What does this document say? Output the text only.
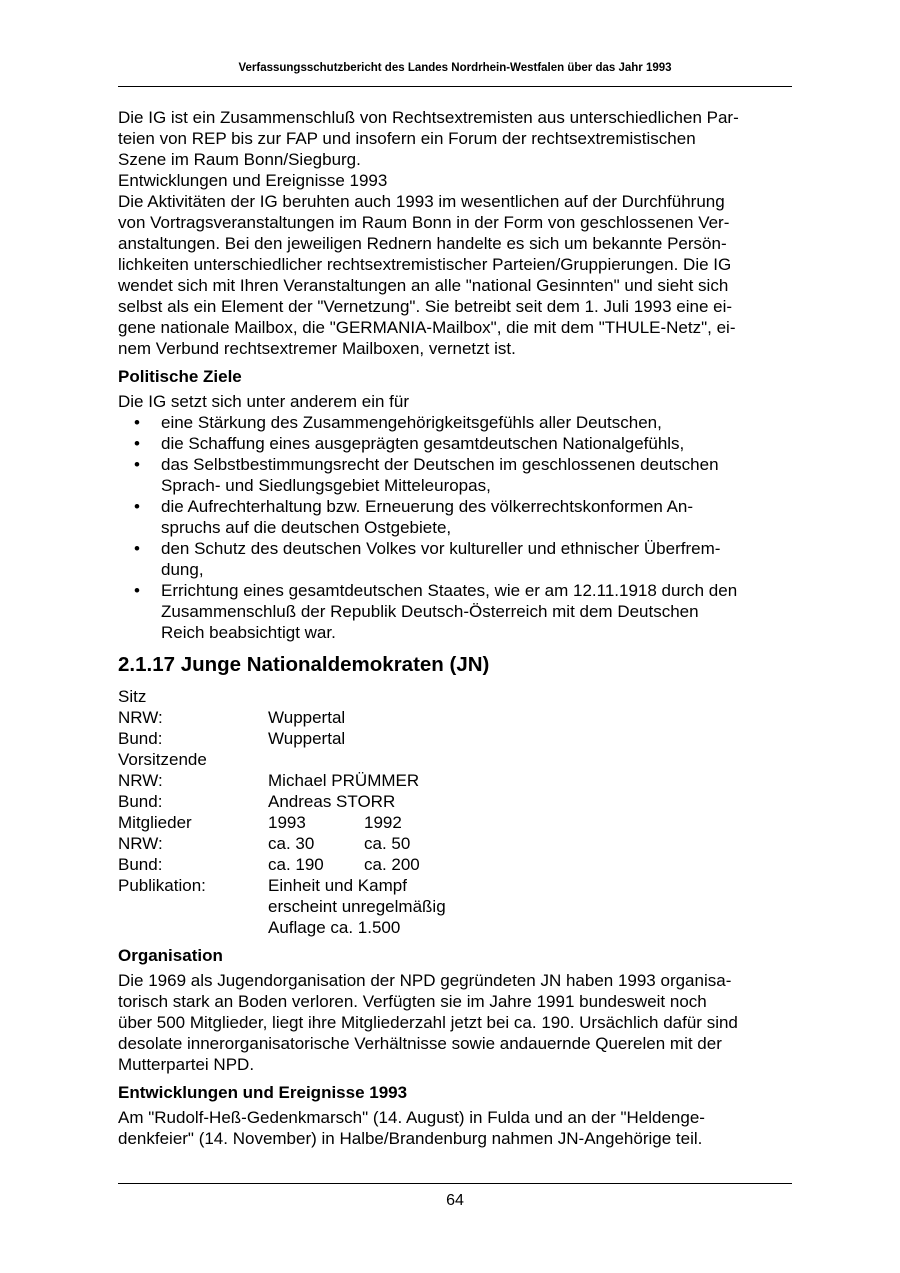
Verfassungsschutzbericht des Landes Nordrhein-Westfalen über das Jahr 1993

Die IG ist ein Zusammenschluß von Rechtsextremisten aus unterschiedlichen Par-

teien von REP bis zur FAP und insofern ein Forum der rechtsextremistischen

Szene im Raum Bonn/Siegburg.

Entwicklungen und Ereignisse 1993

Die Aktivitäten der IG beruhten auch 1993 im wesentlichen auf der Durchführung

von Vortragsveranstaltungen im Raum Bonn in der Form von geschlossenen Ver-

anstaltungen. Bei den jeweiligen Rednern handelte es sich um bekannte Persön-

lichkeiten unterschiedlicher rechtsextremistischer Parteien/Gruppierungen. Die IG

wendet sich mit Ihren Veranstaltungen an alle "national Gesinnten" und sieht sich

selbst als ein Element der "Vernetzung". Sie betreibt seit dem 1. Juli 1993 eine ei-

gene nationale Mailbox, die "GERMANIA-Mailbox", die mit dem "THULE-Netz", ei-

nem Verbund rechtsextremer Mailboxen, vernetzt ist.

Politische Ziele

Die IG setzt sich unter anderem ein für

• eine Stärkung des Zusammengehörigkeitsgefühls aller Deutschen,
• die Schaffung eines ausgeprägten gesamtdeutschen Nationalgefühls,
• das Selbstbestimmungsrecht der Deutschen im geschlossenen deutschen
Sprach- und Siedlungsgebiet Mitteleuropas,
• die Aufrechterhaltung bzw. Erneuerung des völkerrechtskonformen An-
spruchs auf die deutschen Ostgebiete,
• den Schutz des deutschen Volkes vor kultureller und ethnischer Überfrem-
dung,
• Errichtung eines gesamtdeutschen Staates, wie er am 12.11.1918 durch den
Zusammenschluß der Republik Deutsch-Österreich mit dem Deutschen
Reich beabsichtigt war.

2.1.17 Junge Nationaldemokraten (JN)

Sitz
NRW:	Wuppertal
Bund:	Wuppertal
Vorsitzende
NRW:	Michael PRÜMMER
Bund:	Andreas STORR
Mitglieder	1993	1992
NRW:	ca. 30	ca. 50
Bund:	ca. 190	ca. 200
Publikation:	Einheit und Kampf
erscheint unregelmäßig
Auflage ca. 1.500

Organisation

Die 1969 als Jugendorganisation der NPD gegründeten JN haben 1993 organisa-

torisch stark an Boden verloren. Verfügten sie im Jahre 1991 bundesweit noch

über 500 Mitglieder, liegt ihre Mitgliederzahl jetzt bei ca. 190. Ursächlich dafür sind

desolate innerorganisatorische Verhältnisse sowie andauernde Querelen mit der

Mutterpartei NPD.

Entwicklungen und Ereignisse 1993

Am "Rudolf-Heß-Gedenkmarsch" (14. August) in Fulda und an der "Heldenge-

denkfeier" (14. November) in Halbe/Brandenburg nahmen JN-Angehörige teil.

64
